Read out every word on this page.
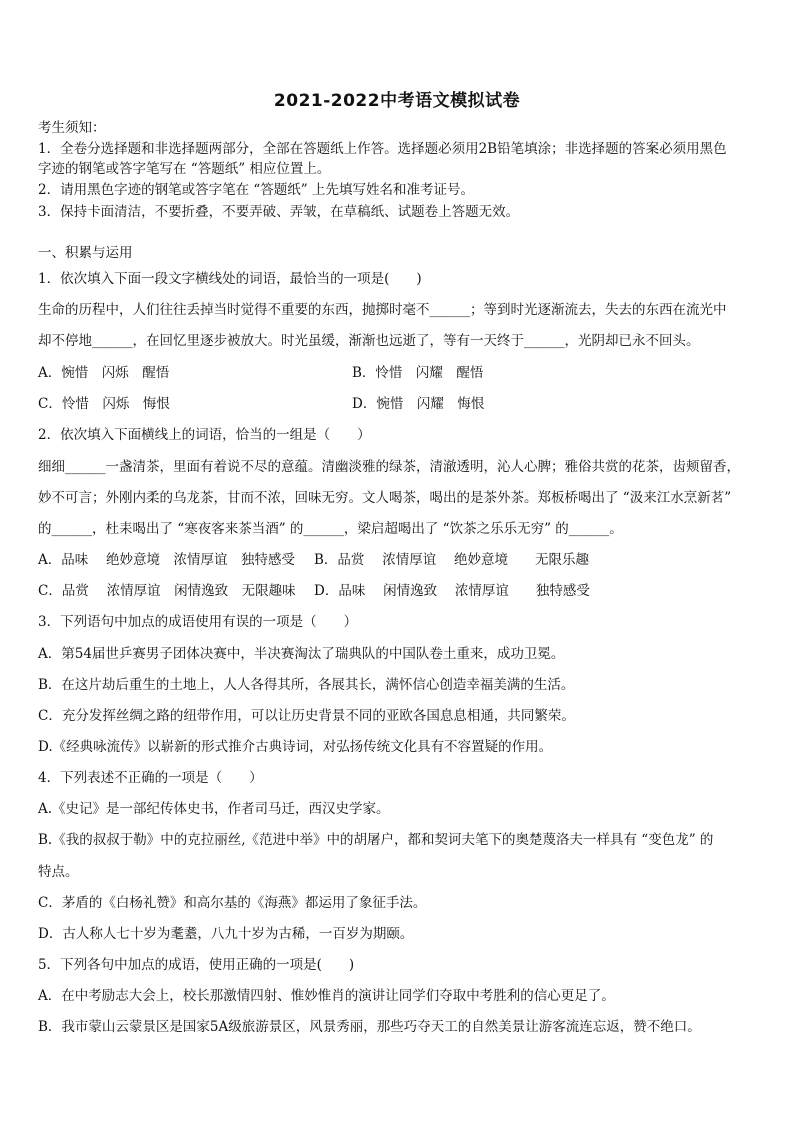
2021-2022中考语文模拟试卷
考生须知：
1．全卷分选择题和非选择题两部分，全部在答题纸上作答。选择题必须用2B铅笔填涂；非选择题的答案必须用黑色
字迹的钢笔或答字笔写在 “答题纸” 相应位置上。
2．请用黑色字迹的钢笔或答字笔在 “答题纸” 上先填写姓名和准考证号。
3．保持卡面清洁，不要折叠，不要弄破、弄皱，在草稿纸、试题卷上答题无效。
一、积累与运用
1．依次填入下面一段文字横线处的词语，最恰当的一项是(　　)
生命的历程中，人们往往丢掉当时觉得不重要的东西，抛掷时毫不______；等到时光逐渐流去，失去的东西在流光中
却不停地______，在回忆里逐步被放大。时光虽缓，渐渐也远逝了，等有一天终于______，光阴却已永不回头。
A．惋惜　闪烁　醒悟	B．怜惜　闪耀　醒悟
C．怜惜　闪烁　悔恨	D．惋惜　闪耀　悔恨
2．依次填入下面横线上的词语，恰当的一组是（　　）
细细______一盏清茶，里面有着说不尽的意蕴。清幽淡雅的绿茶，清澈透明，沁人心脾；雅俗共赏的花茶，齿颊留香，
妙不可言；外刚内柔的乌龙茶，甘而不浓，回味无穷。文人喝茶，喝出的是茶外茶。郑板桥喝出了 “汲来江水烹新茗”
的______，杜耒喝出了 “寒夜客来茶当酒” 的______，梁启超喝出了 “饮茶之乐乐无穷” 的______。
A．品味　 绝妙意境　浓情厚谊　独特感受 B．品赏　 浓情厚谊　 绝妙意境　　无限乐趣
C．品赏　 浓情厚谊　闲情逸致　无限趣味 D．品味　 闲情逸致　 浓情厚谊　　独特感受
3．下列语句中加点的成语使用有误的一项是（　　）
A．第54届世乒赛男子团体决赛中，半决赛淘汰了瑞典队的中国队卷土重来，成功卫冕。
B．在这片劫后重生的土地上，人人各得其所，各展其长，满怀信心创造幸福美满的生活。
C．充分发挥丝绸之路的纽带作用，可以让历史背景不同的亚欧各国息息相通，共同繁荣。
D.《经典咏流传》以崭新的形式推介古典诗词，对弘扬传统文化具有不容置疑的作用。
4．下列表述不正确的一项是（　　）
A.《史记》是一部纪传体史书，作者司马迁，西汉史学家。
B.《我的叔叔于勒》中的克拉丽丝,《范进中举》中的胡屠户，都和契诃夫笔下的奥楚蔑洛夫一样具有 “变色龙” 的
特点。
C．茅盾的《白杨礼赞》和高尔基的《海燕》都运用了象征手法。
D．古人称人七十岁为耄耋，八九十岁为古稀，一百岁为期颐。
5．下列各句中加点的成语，使用正确的一项是(　　)
A．在中考励志大会上，校长那激情四射、惟妙惟肖的演讲让同学们夺取中考胜利的信心更足了。
B．我市蒙山云蒙景区是国家5A级旅游景区，风景秀丽，那些巧夺天工的自然美景让游客流连忘返，赞不绝口。
